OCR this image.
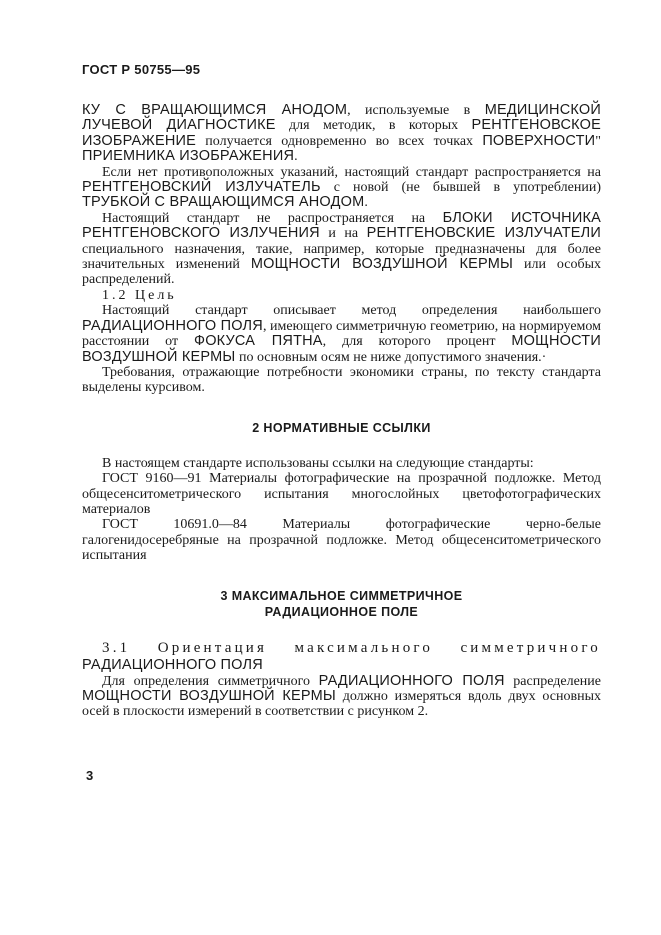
ГОСТ Р 50755—95

КУ С ВРАЩАЮЩИМСЯ АНОДОМ, используемые в МЕДИЦИНСКОЙ ЛУЧЕВОЙ ДИАГНОСТИКЕ для методик, в которых РЕНТГЕНОВСКОЕ ИЗОБРАЖЕНИЕ получается одновременно во всех точках ПОВЕРХНОСТИ" ПРИЕМНИКА ИЗОБРАЖЕНИЯ.

Если нет противоположных указаний, настоящий стандарт распространяется на РЕНТГЕНОВСКИЙ ИЗЛУЧАТЕЛЬ с новой (не бывшей в употреблении) ТРУБКОЙ С ВРАЩАЮЩИМСЯ АНОДОМ.

Настоящий стандарт не распространяется на БЛОКИ ИСТОЧНИКА РЕНТГЕНОВСКОГО ИЗЛУЧЕНИЯ и на РЕНТГЕНОВСКИЕ ИЗЛУЧАТЕЛИ специального назначения, такие, например, которые предназначены для более значительных изменений МОЩНОСТИ ВОЗДУШНОЙ КЕРМЫ или особых распределений.

1.2 Цель

Настоящий стандарт описывает метод определения наибольшего РАДИАЦИОННОГО ПОЛЯ, имеющего симметричную геометрию, на нормируемом расстоянии от ФОКУСА ПЯТНА, для которого процент МОЩНОСТИ ВОЗДУШНОЙ КЕРМЫ по основным осям не ниже допустимого значения.·

Требования, отражающие потребности экономики страны, по тексту стандарта выделены курсивом.

2 НОРМАТИВНЫЕ ССЫЛКИ

В настоящем стандарте использованы ссылки на следующие стандарты:

ГОСТ 9160—91 Материалы фотографические на прозрачной подложке. Метод общесенситометрического испытания многослойных цветофотографических материалов

ГОСТ 10691.0—84 Материалы фотографические черно-белые галогенидосеребряные на прозрачной подложке. Метод общесенситометрического испытания

3 МАКСИМАЛЬНОЕ СИММЕТРИЧНОЕ

РАДИАЦИОННОЕ ПОЛЕ

3.1 Ориентация максимального симметричного РАДИАЦИОННОГО ПОЛЯ

Для определения симметричного РАДИАЦИОННОГО ПОЛЯ распределение МОЩНОСТИ ВОЗДУШНОЙ КЕРМЫ должно измеряться вдоль двух основных осей в плоскости измерений в соответствии с рисунком 2.

3
